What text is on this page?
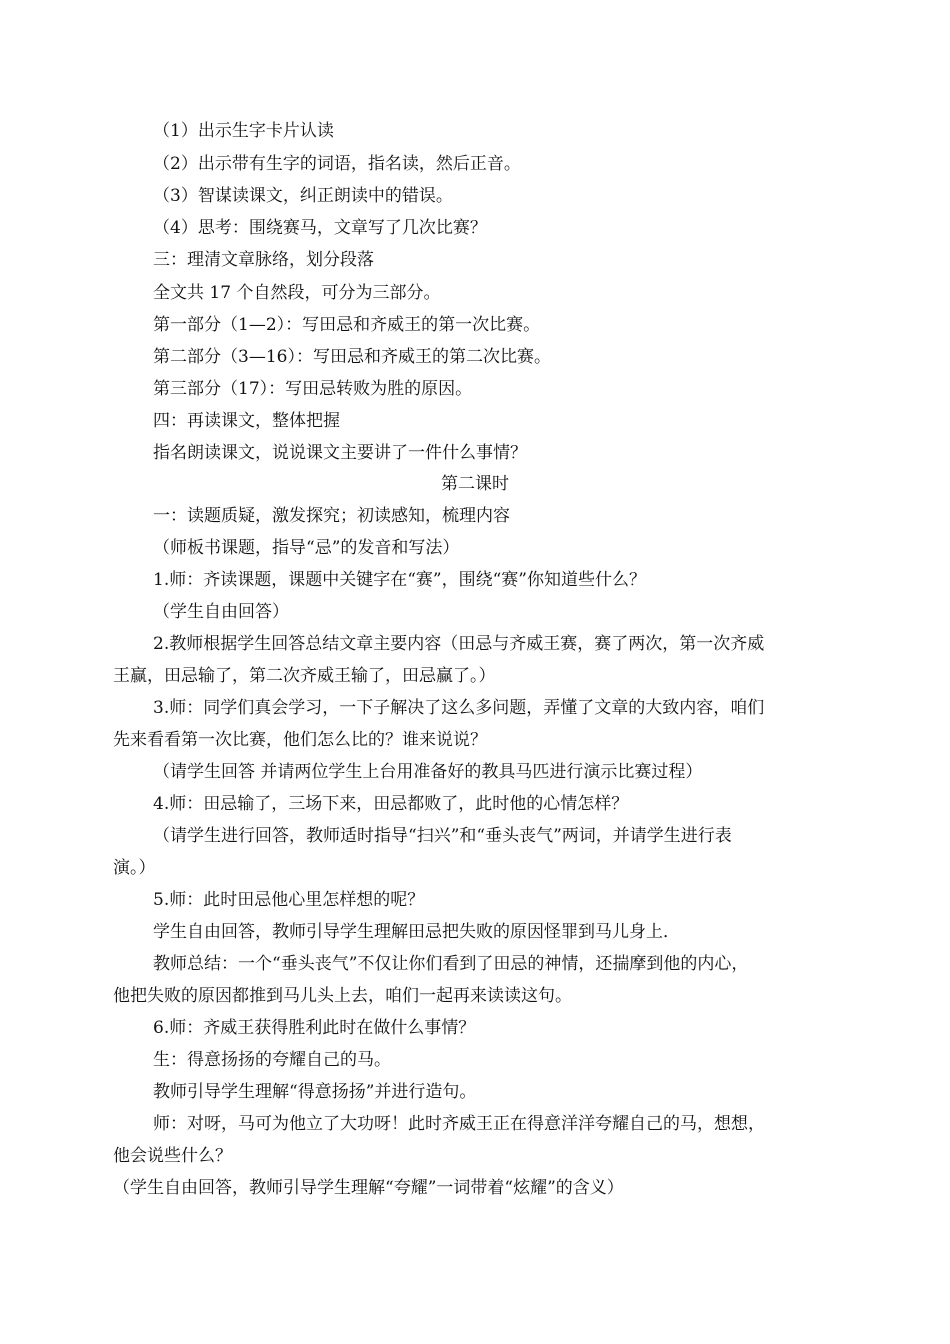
（1）出示生字卡片认读

（2）出示带有生字的词语，指名读，然后正音。

（3）智谋读课文，纠正朗读中的错误。

（4）思考：围绕赛马，文章写了几次比赛？

三：理清文章脉络，划分段落

全文共 17 个自然段，可分为三部分。

第一部分（1—2）：写田忌和齐威王的第一次比赛。

第二部分（3—16）：写田忌和齐威王的第二次比赛。

第三部分（17）：写田忌转败为胜的原因。

四：再读课文，整体把握

指名朗读课文，说说课文主要讲了一件什么事情？

第二课时

一：读题质疑，激发探究；初读感知，梳理内容

（师板书课题，指导“忌”的发音和写法）

1.师：齐读课题，课题中关键字在“赛”，围绕“赛”你知道些什么？

（学生自由回答）

2.教师根据学生回答总结文章主要内容（田忌与齐威王赛，赛了两次，第一次齐威

王赢，田忌输了，第二次齐威王输了，田忌赢了。）

3.师：同学们真会学习，一下子解决了这么多问题，弄懂了文章的大致内容，咱们

先来看看第一次比赛，他们怎么比的？谁来说说？

（请学生回答 并请两位学生上台用准备好的教具马匹进行演示比赛过程）

4.师：田忌输了，三场下来，田忌都败了，此时他的心情怎样？

（请学生进行回答，教师适时指导“扫兴”和“垂头丧气”两词，并请学生进行表

演。）

5.师：此时田忌他心里怎样想的呢？

学生自由回答，教师引导学生理解田忌把失败的原因怪罪到马儿身上．

教师总结：一个“垂头丧气”不仅让你们看到了田忌的神情，还揣摩到他的内心，

他把失败的原因都推到马儿头上去，咱们一起再来读读这句。

6.师：齐威王获得胜利此时在做什么事情？

生：得意扬扬的夸耀自己的马。

教师引导学生理解“得意扬扬”并进行造句。

师：对呀，马可为他立了大功呀！此时齐威王正在得意洋洋夸耀自己的马，想想，

他会说些什么？

（学生自由回答，教师引导学生理解“夸耀”一词带着“炫耀”的含义）
